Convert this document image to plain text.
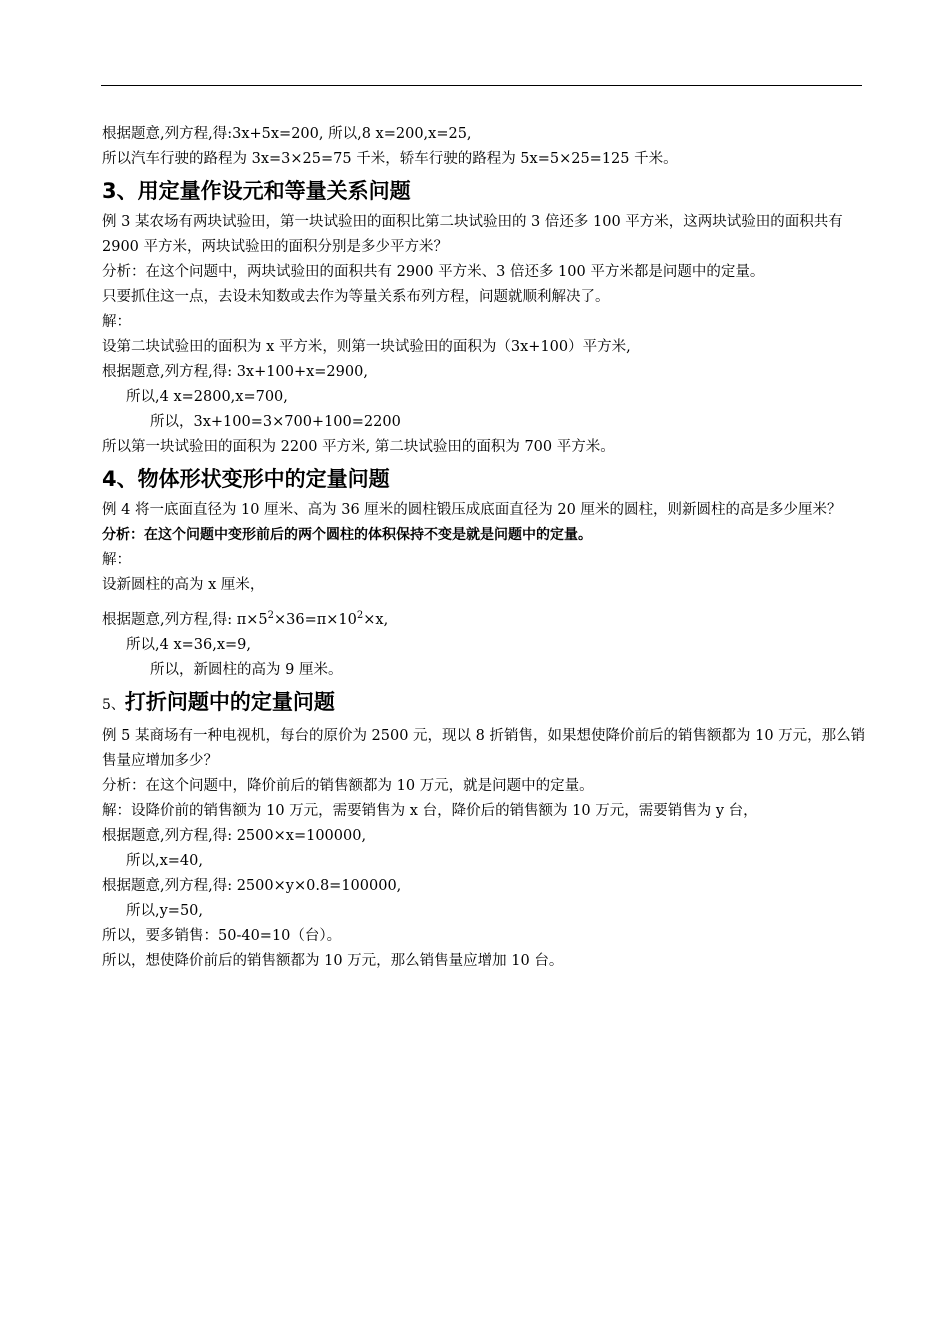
根据题意,列方程,得:3x+5x=200, 所以,8 x=200,x=25,
所以汽车行驶的路程为 3x=3×25=75 千米，轿车行驶的路程为 5x=5×25=125 千米。
3、用定量作设元和等量关系问题
例 3 某农场有两块试验田，第一块试验田的面积比第二块试验田的 3 倍还多 100 平方米，这两块试验田的面积共有 2900 平方米，两块试验田的面积分别是多少平方米？
分析：在这个问题中，两块试验田的面积共有 2900 平方米、3 倍还多 100 平方米都是问题中的定量。
只要抓住这一点，去设未知数或去作为等量关系布列方程，问题就顺利解决了。
解：
设第二块试验田的面积为 x 平方米，则第一块试验田的面积为（3x+100）平方米,
根据题意,列方程,得: 3x+100+x=2900,
所以,4 x=2800,x=700,
所以，3x+100=3×700+100=2200
所以第一块试验田的面积为 2200 平方米, 第二块试验田的面积为 700 平方米。
4、物体形状变形中的定量问题
例 4 将一底面直径为 10 厘米、高为 36 厘米的圆柱锻压成底面直径为 20 厘米的圆柱，则新圆柱的高是多少厘米？
分析：在这个问题中变形前后的两个圆柱的体积保持不变是就是问题中的定量。
解：
设新圆柱的高为 x 厘米，
根据题意,列方程,得: $\pi\times 5^2\times 36=\pi\times 10^2\times x$,
所以,4 x=36,x=9,
所以，新圆柱的高为 9 厘米。
5、打折问题中的定量问题
例 5 某商场有一种电视机，每台的原价为 2500 元，现以 8 折销售，如果想使降价前后的销售额都为 10 万元，那么销售量应增加多少？
分析：在这个问题中，降价前后的销售额都为 10 万元，就是问题中的定量。
解：设降价前的销售额为 10 万元，需要销售为 x 台，降价后的销售额为 10 万元，需要销售为 y 台，
根据题意,列方程,得: 2500×x=100000,
所以,x=40,
根据题意,列方程,得: 2500×y×0.8=100000,
所以,y=50,
所以，要多销售：50-40=10（台）。
所以，想使降价前后的销售额都为 10 万元，那么销售量应增加 10 台。
